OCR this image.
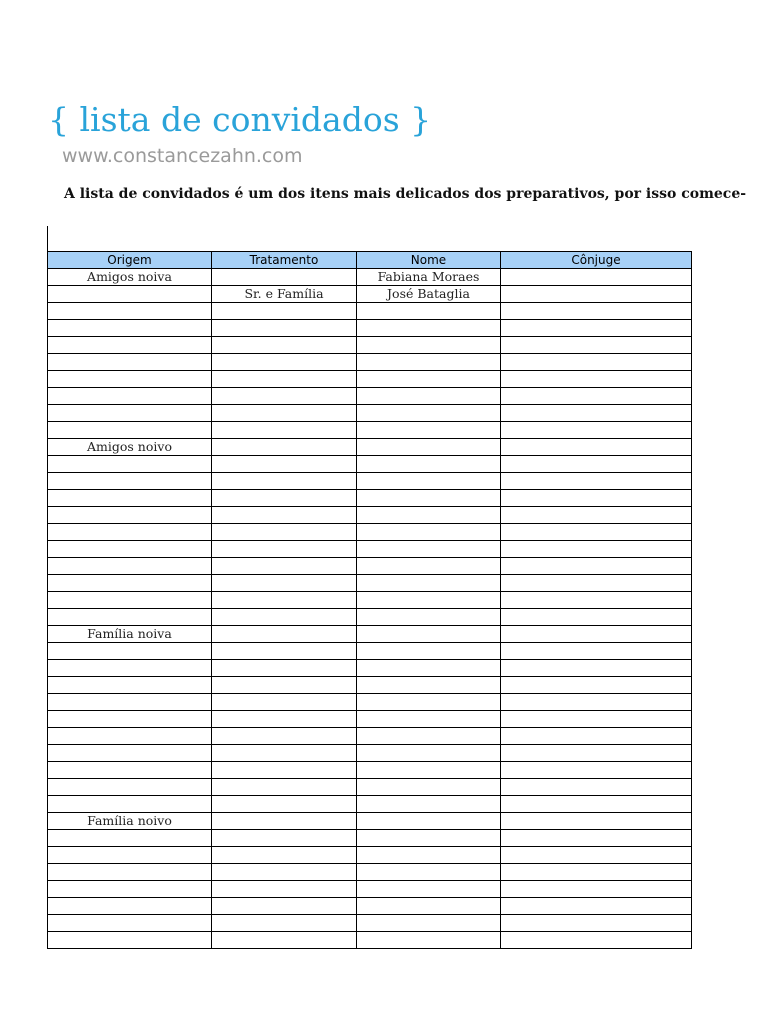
{ lista de convidados }
www.constancezahn.com
A lista de convidados é um dos itens mais delicados dos preparativos, por isso comece-
Origem	Tratamento	Nome	Cônjuge
Amigos noiva		Fabiana Moraes	
	Sr. e Família	José Bataglia	

Amigos noivo			

Família noiva			

Família noivo			
